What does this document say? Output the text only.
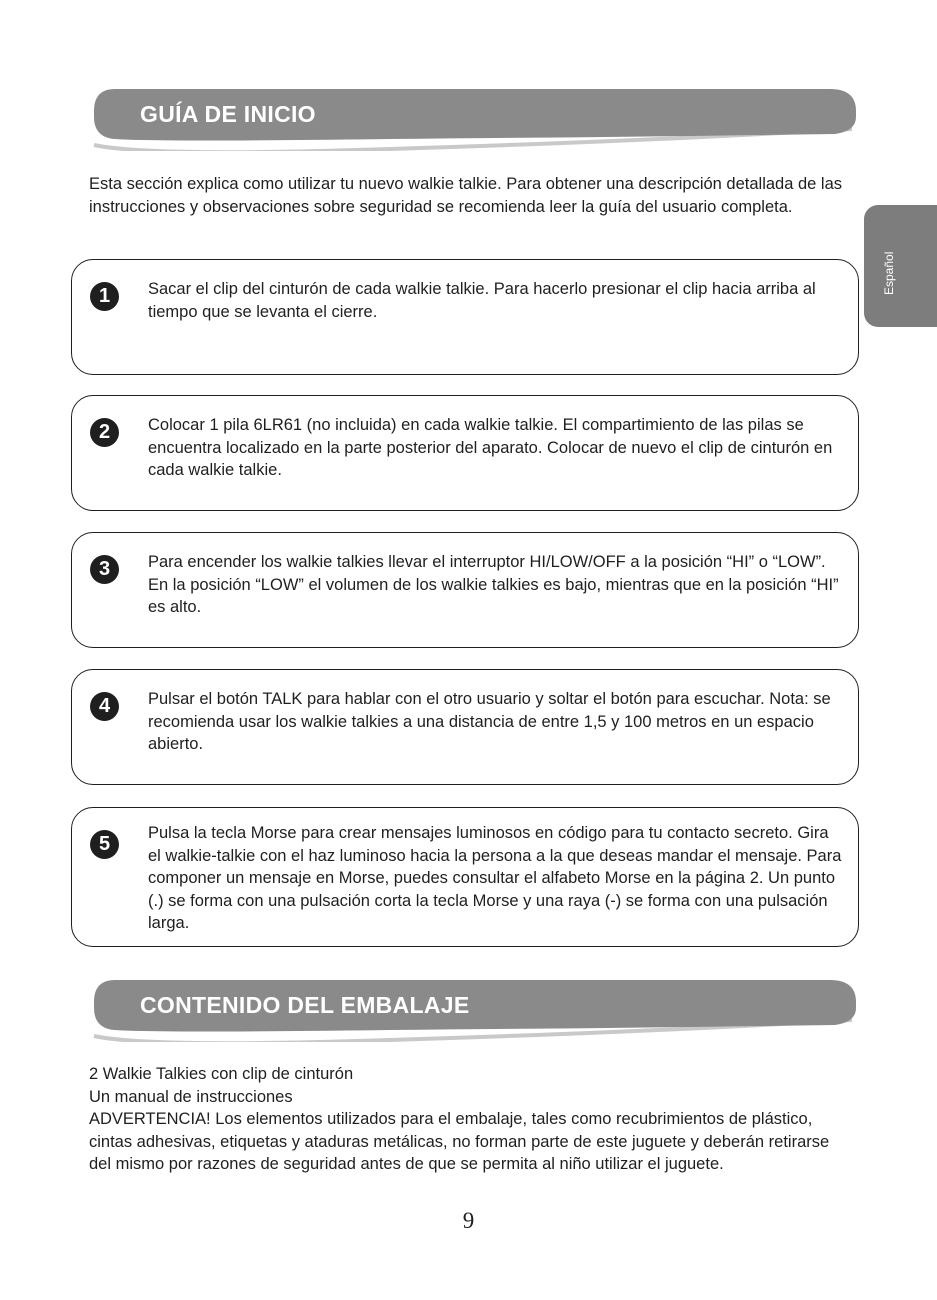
GUÍA DE INICIO
Español

Esta sección explica como utilizar tu nuevo walkie talkie. Para obtener una descripción detallada de las instrucciones y observaciones sobre seguridad se recomienda leer la guía del usuario completa.

1	Sacar el clip del cinturón de cada walkie talkie. Para hacerlo presionar el clip hacia arriba al tiempo que se levanta el cierre.

2	Colocar 1 pila 6LR61 (no incluida) en cada walkie talkie. El compartimiento de las pilas se encuentra localizado en la parte posterior del aparato. Colocar de nuevo el clip de cinturón en cada walkie talkie.

3	Para encender los walkie talkies llevar el interruptor HI/LOW/OFF a la posición “HI” o “LOW”. En la posición “LOW” el volumen de los walkie talkies es bajo, mientras que en la posición “HI” es alto.

4	Pulsar el botón TALK para hablar con el otro usuario y soltar el botón para escuchar. Nota: se recomienda usar los walkie talkies a una distancia de entre 1,5 y 100 metros en un espacio abierto.

5	Pulsa la tecla Morse para crear mensajes luminosos en código para tu contacto secreto. Gira el walkie-talkie con el haz luminoso hacia la persona a la que deseas mandar el mensaje. Para componer un mensaje en Morse, puedes consultar el alfabeto Morse en la página 2. Un punto (.) se forma con una pulsación corta la tecla Morse y una raya (-) se forma con una pulsación larga.

CONTENIDO DEL EMBALAJE

2 Walkie Talkies con clip de cinturón

Un manual de instrucciones

ADVERTENCIA! Los elementos utilizados para el embalaje, tales como recubrimientos de plástico, cintas adhesivas, etiquetas y ataduras metálicas, no forman parte de este juguete y deberán retirarse del mismo por razones de seguridad antes de que se permita al niño utilizar el juguete.

9
